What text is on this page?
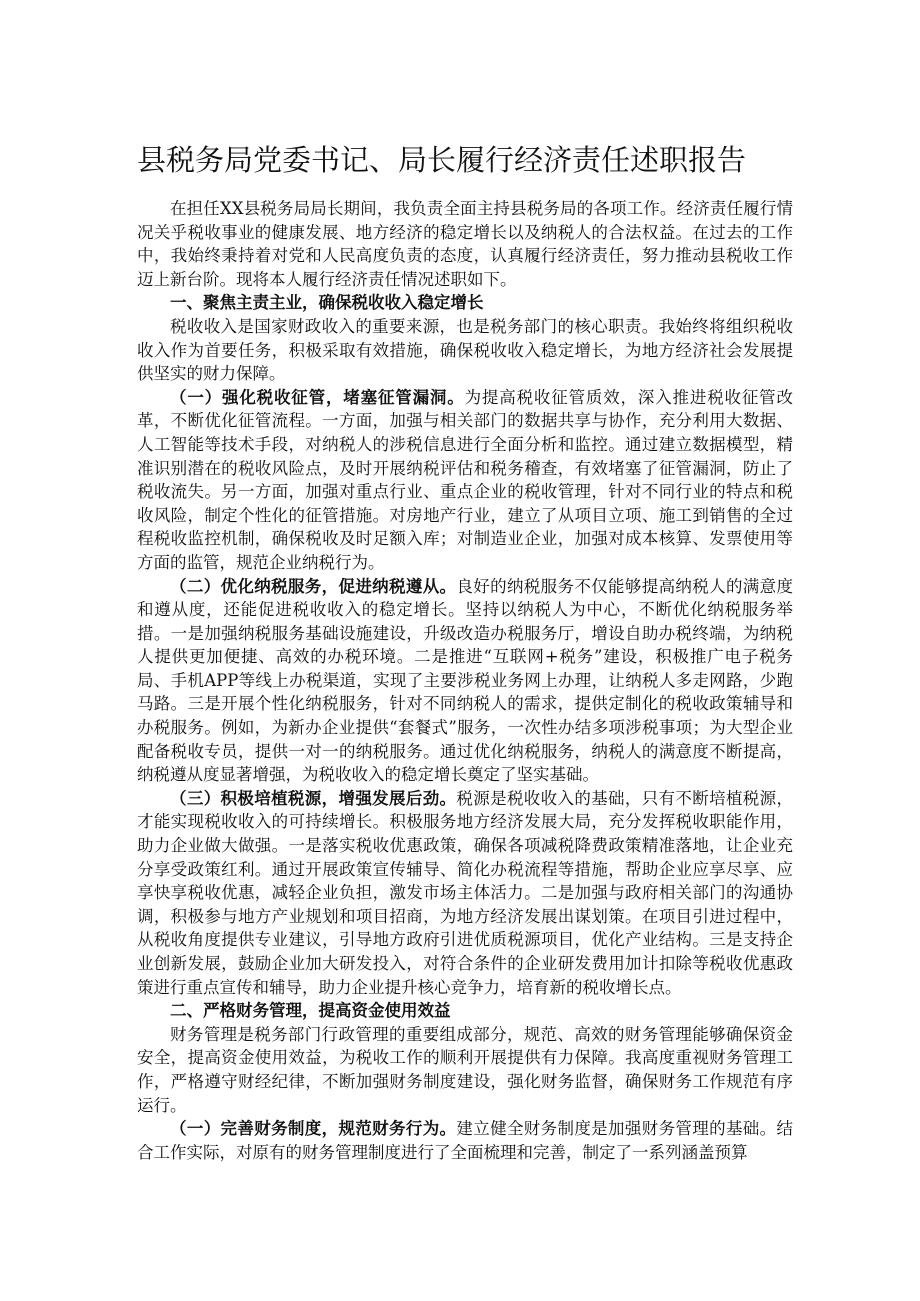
县税务局党委书记、局长履行经济责任述职报告

在担任XX县税务局局长期间，我负责全面主持县税务局的各项工作。经济责任履行情况关乎税收事业的健康发展、地方经济的稳定增长以及纳税人的合法权益。在过去的工作中，我始终秉持着对党和人民高度负责的态度，认真履行经济责任，努力推动县税收工作迈上新台阶。现将本人履行经济责任情况述职如下。

一、聚焦主责主业，确保税收收入稳定增长

税收收入是国家财政收入的重要来源，也是税务部门的核心职责。我始终将组织税收收入作为首要任务，积极采取有效措施，确保税收收入稳定增长，为地方经济社会发展提供坚实的财力保障。

（一）强化税收征管，堵塞征管漏洞。为提高税收征管质效，深入推进税收征管改革，不断优化征管流程。一方面，加强与相关部门的数据共享与协作，充分利用大数据、人工智能等技术手段，对纳税人的涉税信息进行全面分析和监控。通过建立数据模型，精准识别潜在的税收风险点，及时开展纳税评估和税务稽查，有效堵塞了征管漏洞，防止了税收流失。另一方面，加强对重点行业、重点企业的税收管理，针对不同行业的特点和税收风险，制定个性化的征管措施。对房地产行业，建立了从项目立项、施工到销售的全过程税收监控机制，确保税收及时足额入库；对制造业企业，加强对成本核算、发票使用等方面的监管，规范企业纳税行为。

（二）优化纳税服务，促进纳税遵从。良好的纳税服务不仅能够提高纳税人的满意度和遵从度，还能促进税收收入的稳定增长。坚持以纳税人为中心，不断优化纳税服务举措。一是加强纳税服务基础设施建设，升级改造办税服务厅，增设自助办税终端，为纳税人提供更加便捷、高效的办税环境。二是推进“互联网+税务”建设，积极推广电子税务局、手机APP等线上办税渠道，实现了主要涉税业务网上办理，让纳税人多走网路，少跑马路。三是开展个性化纳税服务，针对不同纳税人的需求，提供定制化的税收政策辅导和办税服务。例如，为新办企业提供“套餐式”服务，一次性办结多项涉税事项；为大型企业配备税收专员，提供一对一的纳税服务。通过优化纳税服务，纳税人的满意度不断提高，纳税遵从度显著增强，为税收收入的稳定增长奠定了坚实基础。

（三）积极培植税源，增强发展后劲。税源是税收收入的基础，只有不断培植税源，才能实现税收收入的可持续增长。积极服务地方经济发展大局，充分发挥税收职能作用，助力企业做大做强。一是落实税收优惠政策，确保各项减税降费政策精准落地，让企业充分享受政策红利。通过开展政策宣传辅导、简化办税流程等措施，帮助企业应享尽享、应享快享税收优惠，减轻企业负担，激发市场主体活力。二是加强与政府相关部门的沟通协调，积极参与地方产业规划和项目招商，为地方经济发展出谋划策。在项目引进过程中，从税收角度提供专业建议，引导地方政府引进优质税源项目，优化产业结构。三是支持企业创新发展，鼓励企业加大研发投入，对符合条件的企业研发费用加计扣除等税收优惠政策进行重点宣传和辅导，助力企业提升核心竞争力，培育新的税收增长点。

二、严格财务管理，提高资金使用效益

财务管理是税务部门行政管理的重要组成部分，规范、高效的财务管理能够确保资金安全，提高资金使用效益，为税收工作的顺利开展提供有力保障。我高度重视财务管理工作，严格遵守财经纪律，不断加强财务制度建设，强化财务监督，确保财务工作规范有序运行。

（一）完善财务制度，规范财务行为。建立健全财务制度是加强财务管理的基础。结合工作实际，对原有的财务管理制度进行了全面梳理和完善，制定了一系列涵盖预算
